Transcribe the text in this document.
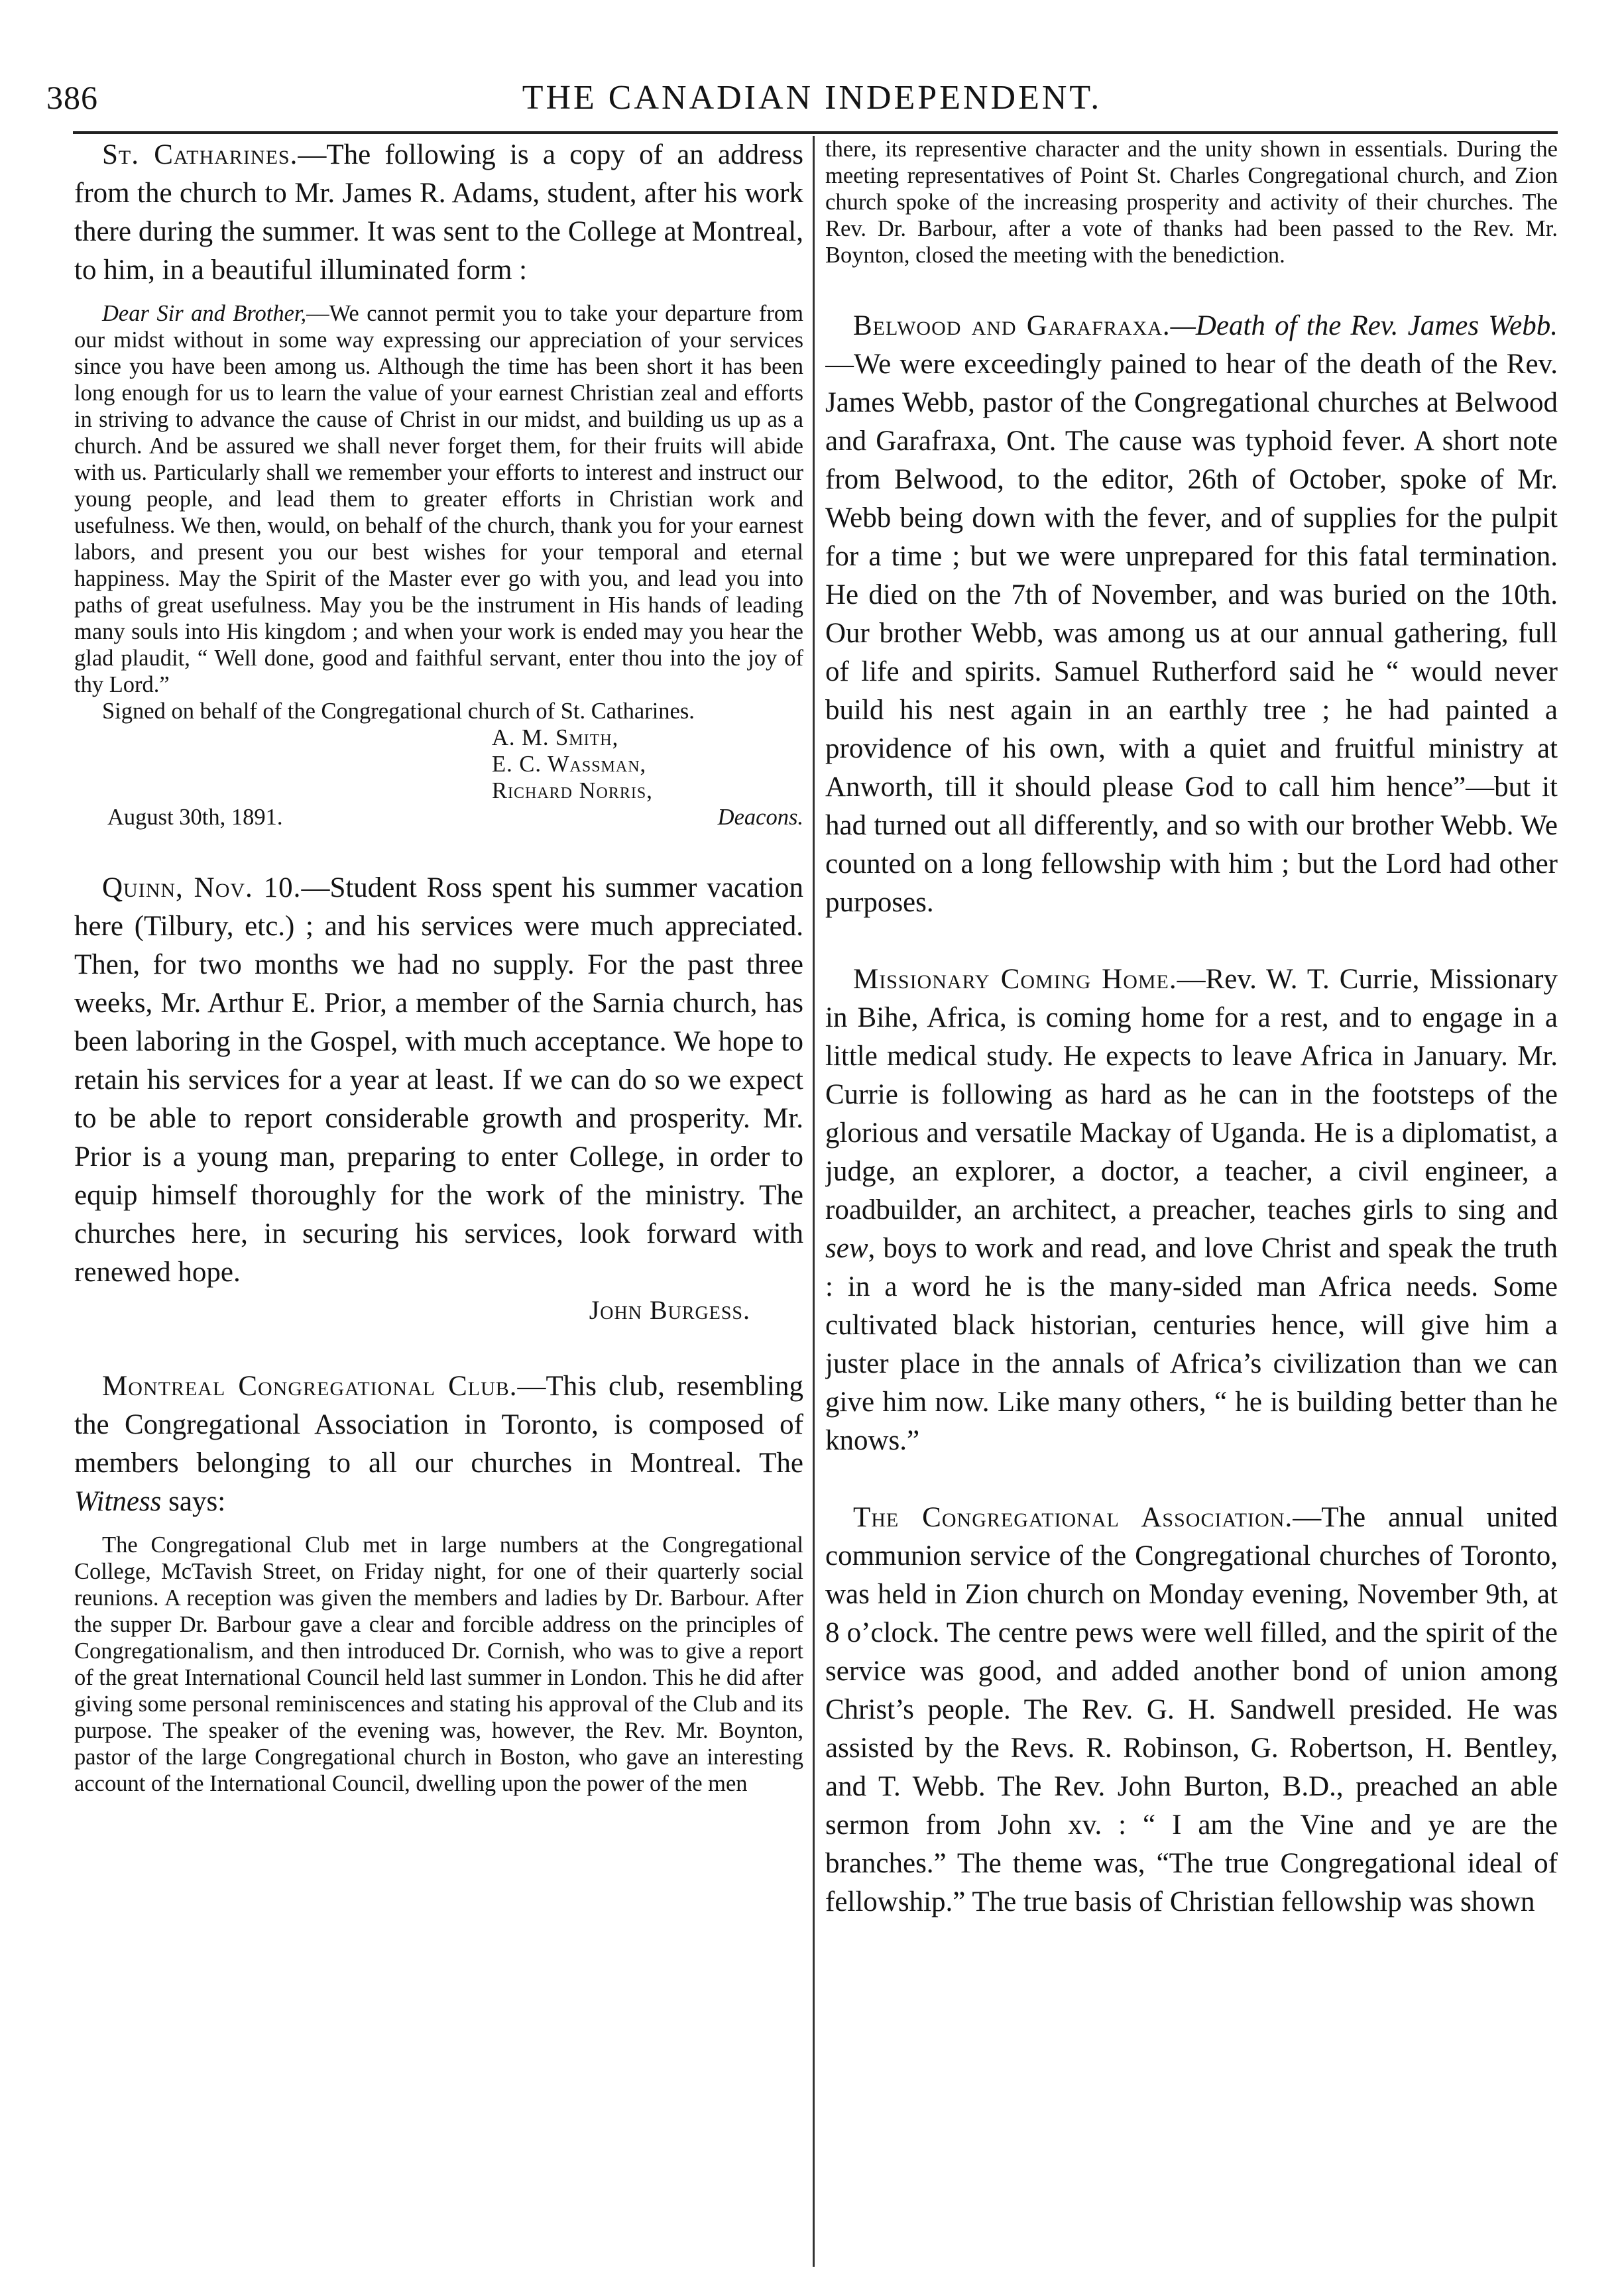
386	THE CANADIAN INDEPENDENT.

St. Catharines.—The following is a copy of an address from the church to Mr. James R. Adams, student, after his work there during the summer. It was sent to the College at Montreal, to him, in a beautiful illuminated form :

Dear Sir and Brother,—We cannot permit you to take your departure from our midst without in some way expressing our appreciation of your services since you have been among us. Although the time has been short it has been long enough for us to learn the value of your earnest Christian zeal and efforts in striving to advance the cause of Christ in our midst, and building us up as a church. And be assured we shall never forget them, for their fruits will abide with us. Particularly shall we remember your efforts to interest and instruct our young people, and lead them to greater efforts in Christian work and usefulness. We then, would, on behalf of the church, thank you for your earnest labors, and present you our best wishes for your temporal and eternal happiness. May the Spirit of the Master ever go with you, and lead you into paths of great usefulness. May you be the instrument in His hands of leading many souls into His kingdom ; and when your work is ended may you hear the glad plaudit, “ Well done, good and faithful servant, enter thou into the joy of thy Lord.”

Signed on behalf of the Congregational church of St. Catharines.

A. M. Smith,
E. C. Wassman,
Richard Norris,
August 30th, 1891.	Deacons.

Quinn, Nov. 10.—Student Ross spent his summer vacation here (Tilbury, etc.) ; and his services were much appreciated. Then, for two months we had no supply. For the past three weeks, Mr. Arthur E. Prior, a member of the Sarnia church, has been laboring in the Gospel, with much acceptance. We hope to retain his services for a year at least. If we can do so we expect to be able to report considerable growth and prosperity. Mr. Prior is a young man, preparing to enter College, in order to equip himself thoroughly for the work of the ministry. The churches here, in securing his services, look forward with renewed hope.

John Burgess.

Montreal Congregational Club.—This club, resembling the Congregational Association in Toronto, is composed of members belonging to all our churches in Montreal. The Witness says:

The Congregational Club met in large numbers at the Congregational College, McTavish Street, on Friday night, for one of their quarterly social reunions. A reception was given the members and ladies by Dr. Barbour. After the supper Dr. Barbour gave a clear and forcible address on the principles of Congregationalism, and then introduced Dr. Cornish, who was to give a report of the great International Council held last summer in London. This he did after giving some personal reminiscences and stating his approval of the Club and its purpose. The speaker of the evening was, however, the Rev. Mr. Boynton, pastor of the large Congregational church in Boston, who gave an interesting account of the International Council, dwelling upon the power of the men

there, its representive character and the unity shown in essentials. During the meeting representatives of Point St. Charles Congregational church, and Zion church spoke of the increasing prosperity and activity of their churches. The Rev. Dr. Barbour, after a vote of thanks had been passed to the Rev. Mr. Boynton, closed the meeting with the benediction.

Belwood and Garafraxa.—Death of the Rev. James Webb.—We were exceedingly pained to hear of the death of the Rev. James Webb, pastor of the Congregational churches at Belwood and Garafraxa, Ont. The cause was typhoid fever. A short note from Belwood, to the editor, 26th of October, spoke of Mr. Webb being down with the fever, and of supplies for the pulpit for a time ; but we were unprepared for this fatal termination. He died on the 7th of November, and was buried on the 10th. Our brother Webb, was among us at our annual gathering, full of life and spirits. Samuel Rutherford said he “ would never build his nest again in an earthly tree ; he had painted a providence of his own, with a quiet and fruitful ministry at Anworth, till it should please God to call him hence”—but it had turned out all differently, and so with our brother Webb. We counted on a long fellowship with him ; but the Lord had other purposes.

Missionary Coming Home.—Rev. W. T. Currie, Missionary in Bihe, Africa, is coming home for a rest, and to engage in a little medical study. He expects to leave Africa in January. Mr. Currie is following as hard as he can in the footsteps of the glorious and versatile Mackay of Uganda. He is a diplomatist, a judge, an explorer, a doctor, a teacher, a civil engineer, a roadbuilder, an architect, a preacher, teaches girls to sing and sew, boys to work and read, and love Christ and speak the truth : in a word he is the many-sided man Africa needs. Some cultivated black historian, centuries hence, will give him a juster place in the annals of Africa’s civilization than we can give him now. Like many others, “ he is building better than he knows.”

The Congregational Association.—The annual united communion service of the Congregational churches of Toronto, was held in Zion church on Monday evening, November 9th, at 8 o’clock. The centre pews were well filled, and the spirit of the service was good, and added another bond of union among Christ’s people. The Rev. G. H. Sandwell presided. He was assisted by the Revs. R. Robinson, G. Robertson, H. Bentley, and T. Webb. The Rev. John Burton, B.D., preached an able sermon from John xv. : “ I am the Vine and ye are the branches.” The theme was, “The true Congregational ideal of fellowship.” The true basis of Christian fellowship was shown
